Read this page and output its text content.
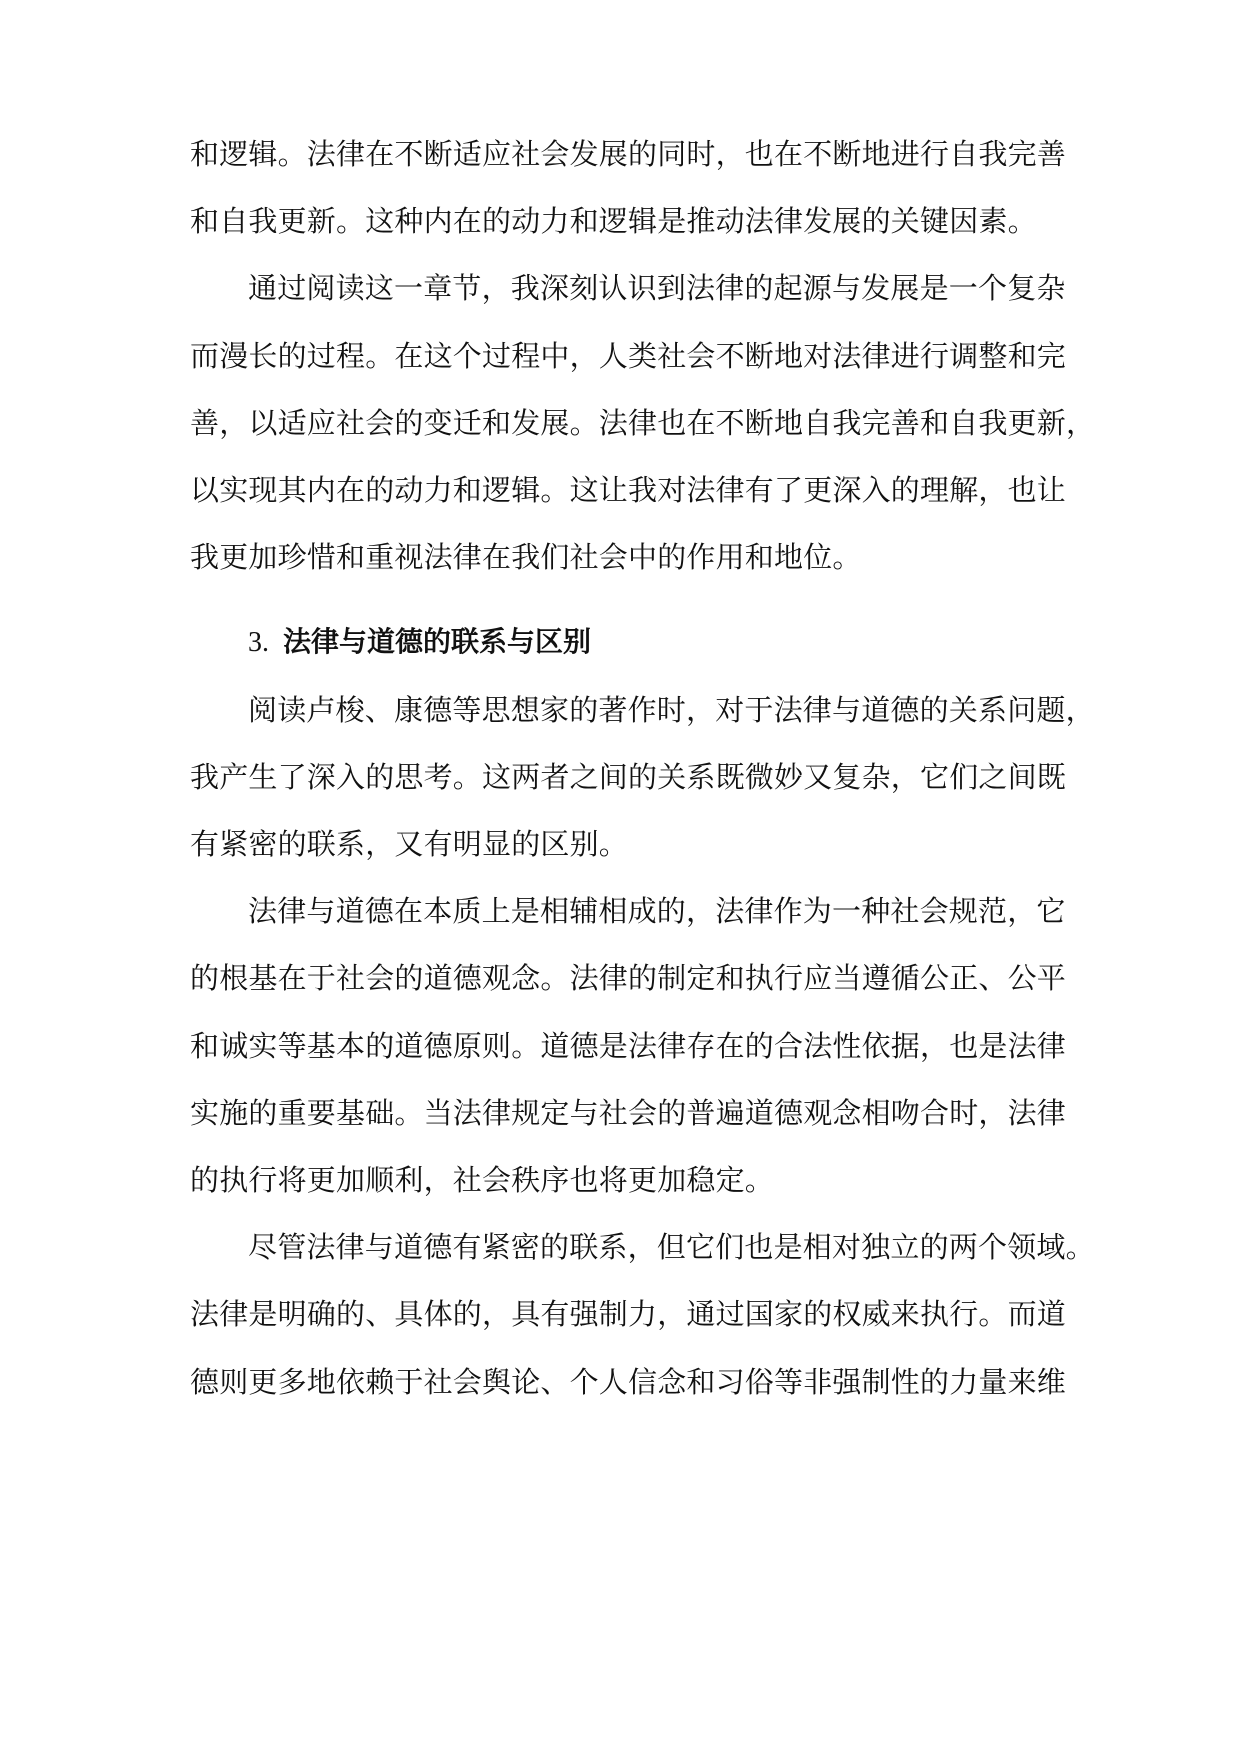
和逻辑。法律在不断适应社会发展的同时，也在不断地进行自我完善
和自我更新。这种内在的动力和逻辑是推动法律发展的关键因素。
通过阅读这一章节，我深刻认识到法律的起源与发展是一个复杂
而漫长的过程。在这个过程中，人类社会不断地对法律进行调整和完
善，以适应社会的变迁和发展。法律也在不断地自我完善和自我更新，
以实现其内在的动力和逻辑。这让我对法律有了更深入的理解，也让
我更加珍惜和重视法律在我们社会中的作用和地位。
3. 法律与道德的联系与区别
阅读卢梭、康德等思想家的著作时，对于法律与道德的关系问题，
我产生了深入的思考。这两者之间的关系既微妙又复杂，它们之间既
有紧密的联系，又有明显的区别。
法律与道德在本质上是相辅相成的，法律作为一种社会规范，它
的根基在于社会的道德观念。法律的制定和执行应当遵循公正、公平
和诚实等基本的道德原则。道德是法律存在的合法性依据，也是法律
实施的重要基础。当法律规定与社会的普遍道德观念相吻合时，法律
的执行将更加顺利，社会秩序也将更加稳定。
尽管法律与道德有紧密的联系，但它们也是相对独立的两个领域。
法律是明确的、具体的，具有强制力，通过国家的权威来执行。而道
德则更多地依赖于社会舆论、个人信念和习俗等非强制性的力量来维
